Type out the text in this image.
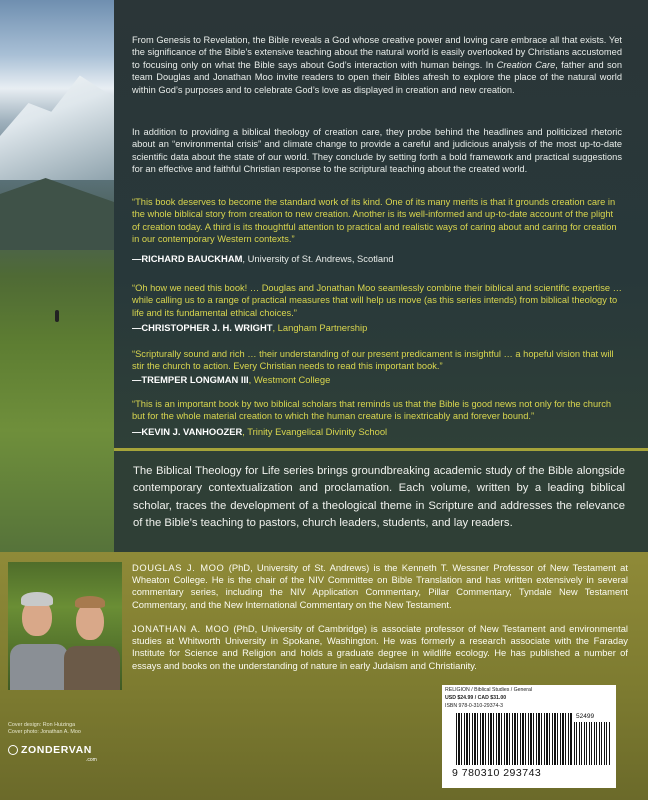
From Genesis to Revelation, the Bible reveals a God whose creative power and loving care embrace all that exists. Yet the significance of the Bible’s extensive teaching about the natural world is easily overlooked by Christians accustomed to focusing only on what the Bible says about God’s interaction with human beings. In Creation Care, father and son team Douglas and Jonathan Moo invite readers to open their Bibles afresh to explore the place of the natural world within God’s purposes and to celebrate God’s love as displayed in creation and new creation.

In addition to providing a biblical theology of creation care, they probe behind the headlines and politicized rhetoric about an “environmental crisis” and climate change to provide a careful and judicious analysis of the most up-to-date scientific data about the state of our world. They conclude by setting forth a bold framework and practical suggestions for an effective and faithful Christian response to the scriptural teaching about the created world.

“This book deserves to become the standard work of its kind. One of its many merits is that it grounds creation care in the whole biblical story from creation to new creation. Another is its well-informed and up-to-date account of the plight of creation today. A third is its thoughtful attention to practical and realistic ways of caring about and caring for creation in our contemporary Western contexts.”

—RICHARD BAUCKHAM, University of St. Andrews, Scotland

“Oh how we need this book! … Douglas and Jonathan Moo seamlessly combine their biblical and scientific expertise … while calling us to a range of practical measures that will help us move (as this series intends) from biblical theology to life and its fundamental ethical choices.”

—CHRISTOPHER J. H. WRIGHT, Langham Partnership

“Scripturally sound and rich … their understanding of our present predicament is insightful … a hopeful vision that will stir the church to action. Every Christian needs to read this important book.”

—TREMPER LONGMAN III, Westmont College

“This is an important book by two biblical scholars that reminds us that the Bible is good news not only for the church but for the whole material creation to which the human creature is inextricably and forever bound.”

—KEVIN J. VANHOOZER, Trinity Evangelical Divinity School

The Biblical Theology for Life series brings groundbreaking academic study of the Bible alongside contemporary contextualization and proclamation. Each volume, written by a leading biblical scholar, traces the development of a theological theme in Scripture and addresses the relevance of the Bible’s teaching to pastors, church leaders, students, and lay readers.

DOUGLAS J. MOO (PhD, University of St. Andrews) is the Kenneth T. Wessner Professor of New Testament at Wheaton College. He is the chair of the NIV Committee on Bible Translation and has written extensively in several commentary series, including the NIV Application Commentary, Pillar Commentary, Tyndale New Testament Commentary, and the New International Commentary on the New Testament.

JONATHAN A. MOO (PhD, University of Cambridge) is associate professor of New Testament and environmental studies at Whitworth University in Spokane, Washington. He was formerly a research associate with the Faraday Institute for Science and Religion and holds a graduate degree in wildlife ecology. He has published a number of essays and books on the understanding of nature in early Judaism and Christianity.

Cover design: Ron Huizinga
Cover photo: Jonathan A. Moo

ZONDERVAN
.com
RELIGION / Biblical Studies / General
USD $24.99 / CAD $31.00
ISBN 978-0-310-29374-3
52499
9 780310 293743
